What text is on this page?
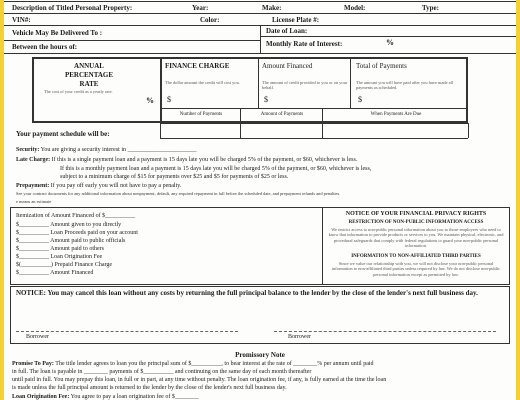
Description of Titled Personal Property:	Year:	Make:	Model:	Type:
VIN#:	Color:	License Plate #:
Vehicle May Be Delivered To :	Date of Loan:
Between the hours of:	Monthly Rate of Interest:	%
ANNUAL PERCENTAGE RATE
The cost of your credit as a yearly rate.
%
FINANCE CHARGE
The dollar amount the credit will cost you.
$
Amount Financed
The amount of credit provided to you or on your behalf.
$
Total of Payments
The amount you will have paid after you have made all payments as scheduled.
$
Number of Payments	Amount of Payments	When Payments Are Due
Your payment schedule will be:
Security: You are giving a security interest in _______________________
Late Charge: If this is a single payment loan and a payment is 15 days late you will be charged 5% of the payment, or $60, whichever is less.
If this is a monthly payment loan and a payment is 15 days late you will be charged 5% of the payment, or $60, whichever is less,
subject to a minimum charge of $15 for payments over $25 and $5 for payments of $25 or less.
Prepayment: If you pay off early you will not have to pay a penalty.
See your contract documents for any additional information about nonpayment, default, any required repayment in full before the scheduled date, and prepayment refunds and penalties.
e means an estimate
Itemization of Amount Financed of $__________
$__________ Amount given to you directly
$__________ Loan Proceeds paid on your account
$__________ Amount paid to public officials
$__________ Amount paid to others
$__________ Loan Origination Fee
$(__________) Prepaid Finance Charge
$__________ Amount Financed
NOTICE OF YOUR FINANCIAL PRIVACY RIGHTS
RESTRICTION OF NON-PUBLIC INFORMATION ACCESS
We restrict access to non-public personal information about you to those employees who need to know that information to provide products or services to you. We maintain physical, electronic, and procedural safeguards that comply with federal regulations to guard your non-public personal information.
INFORMATION TO NON-AFFILIATED THIRD PARTIES
Since we value our relationship with you, we will not disclose your non-public personal information to non-affiliated third parties unless required by law. We do not disclose non-public personal information except as permitted by law.
NOTICE: You may cancel this loan without any costs by returning the full principal balance to the lender by the close of the lender's next full business day.
Borrower	Borrower
Promissory Note
Promise To Pay: The title lender agrees to loan you the principal sum of $__________, to bear interest at the rate of ________% per annum until paid
in full. The loan is payable in ________ payments of $__________ and continuing on the same day of each month thereafter
until paid in full. You may prepay this loan, in full or in part, at any time without penalty. The loan origination fee, if any, is fully earned at the time the loan
is made unless the full principal amount is returned to the lender by the close of the lender's next full business day.
Loan Origination Fee: You agree to pay a loan origination fee of $________
